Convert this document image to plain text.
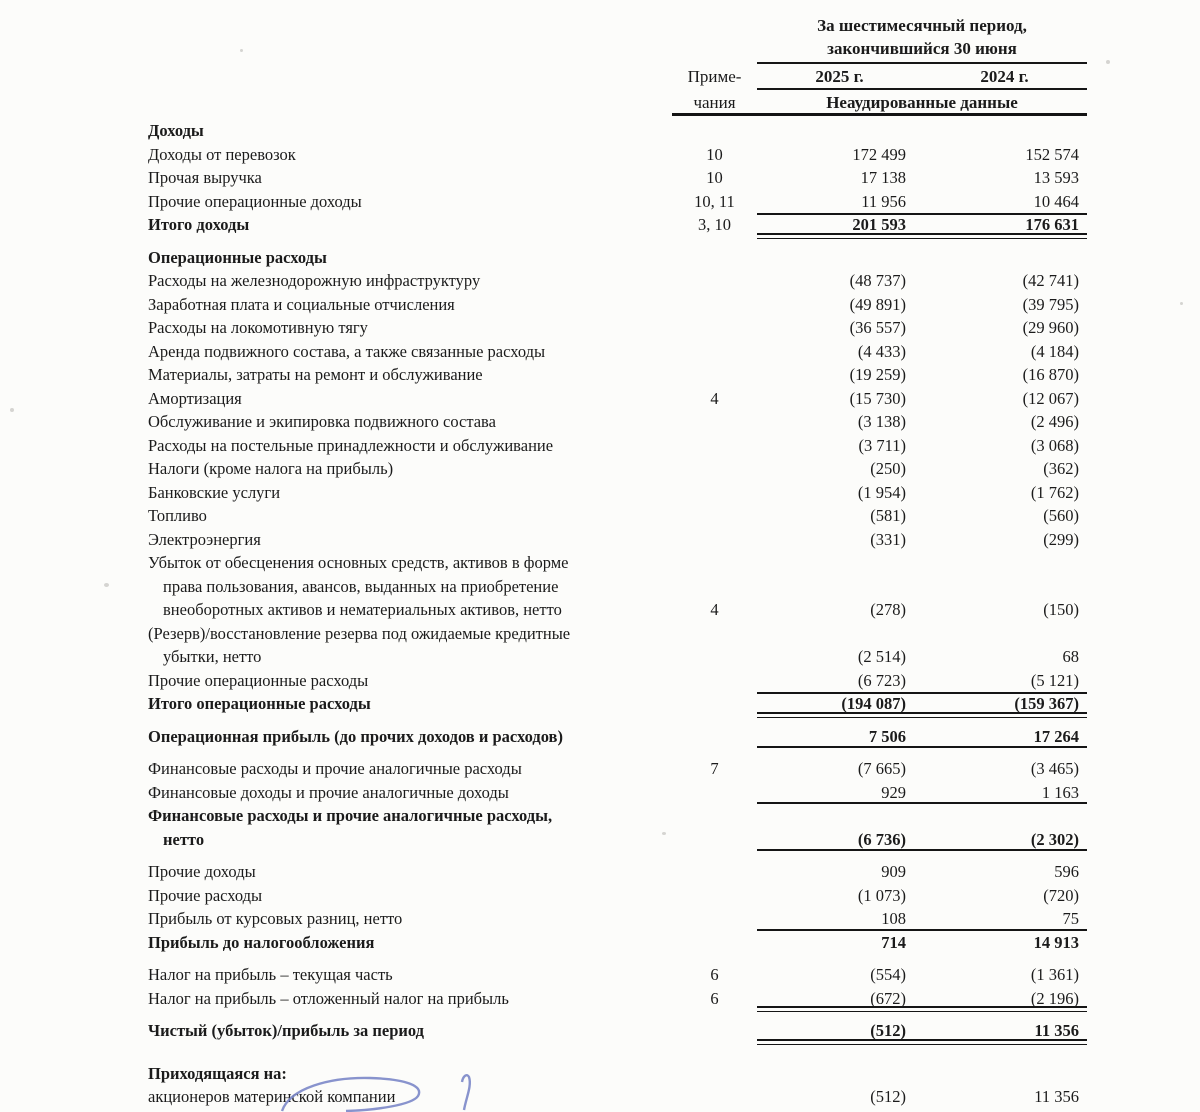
За шестимесячный период,
закончившийся 30 июня
Приме-	2025 г.	2024 г.
чания	Неаудированные данные
Доходы
Доходы от перевозок	10	172 499	152 574
Прочая выручка	10	17 138	13 593
Прочие операционные доходы	10, 11	11 956	10 464
Итого доходы	3, 10	201 593	176 631
Операционные расходы
Расходы на железнодорожную инфраструктуру	(48 737)	(42 741)
Заработная плата и социальные отчисления	(49 891)	(39 795)
Расходы на локомотивную тягу	(36 557)	(29 960)
Аренда подвижного состава, а также связанные расходы	(4 433)	(4 184)
Материалы, затраты на ремонт и обслуживание	(19 259)	(16 870)
Амортизация	4	(15 730)	(12 067)
Обслуживание и экипировка подвижного состава	(3 138)	(2 496)
Расходы на постельные принадлежности и обслуживание	(3 711)	(3 068)
Налоги (кроме налога на прибыль)	(250)	(362)
Банковские услуги	(1 954)	(1 762)
Топливо	(581)	(560)
Электроэнергия	(331)	(299)
Убыток от обесценения основных средств, активов в форме
права пользования, авансов, выданных на приобретение
внеоборотных активов и нематериальных активов, нетто	4	(278)	(150)
(Резерв)/восстановление резерва под ожидаемые кредитные
убытки, нетто	(2 514)	68
Прочие операционные расходы	(6 723)	(5 121)
Итого операционные расходы	(194 087)	(159 367)
Операционная прибыль (до прочих доходов и расходов)	7 506	17 264
Финансовые расходы и прочие аналогичные расходы	7	(7 665)	(3 465)
Финансовые доходы и прочие аналогичные доходы	929	1 163
Финансовые расходы и прочие аналогичные расходы,
нетто	(6 736)	(2 302)
Прочие доходы	909	596
Прочие расходы	(1 073)	(720)
Прибыль от курсовых разниц, нетто	108	75
Прибыль до налогообложения	714	14 913
Налог на прибыль – текущая часть	6	(554)	(1 361)
Налог на прибыль – отложенный налог на прибыль	6	(672)	(2 196)
Чистый (убыток)/прибыль за период	(512)	11 356
Приходящаяся на:
акционеров материнской компании	(512)	11 356
